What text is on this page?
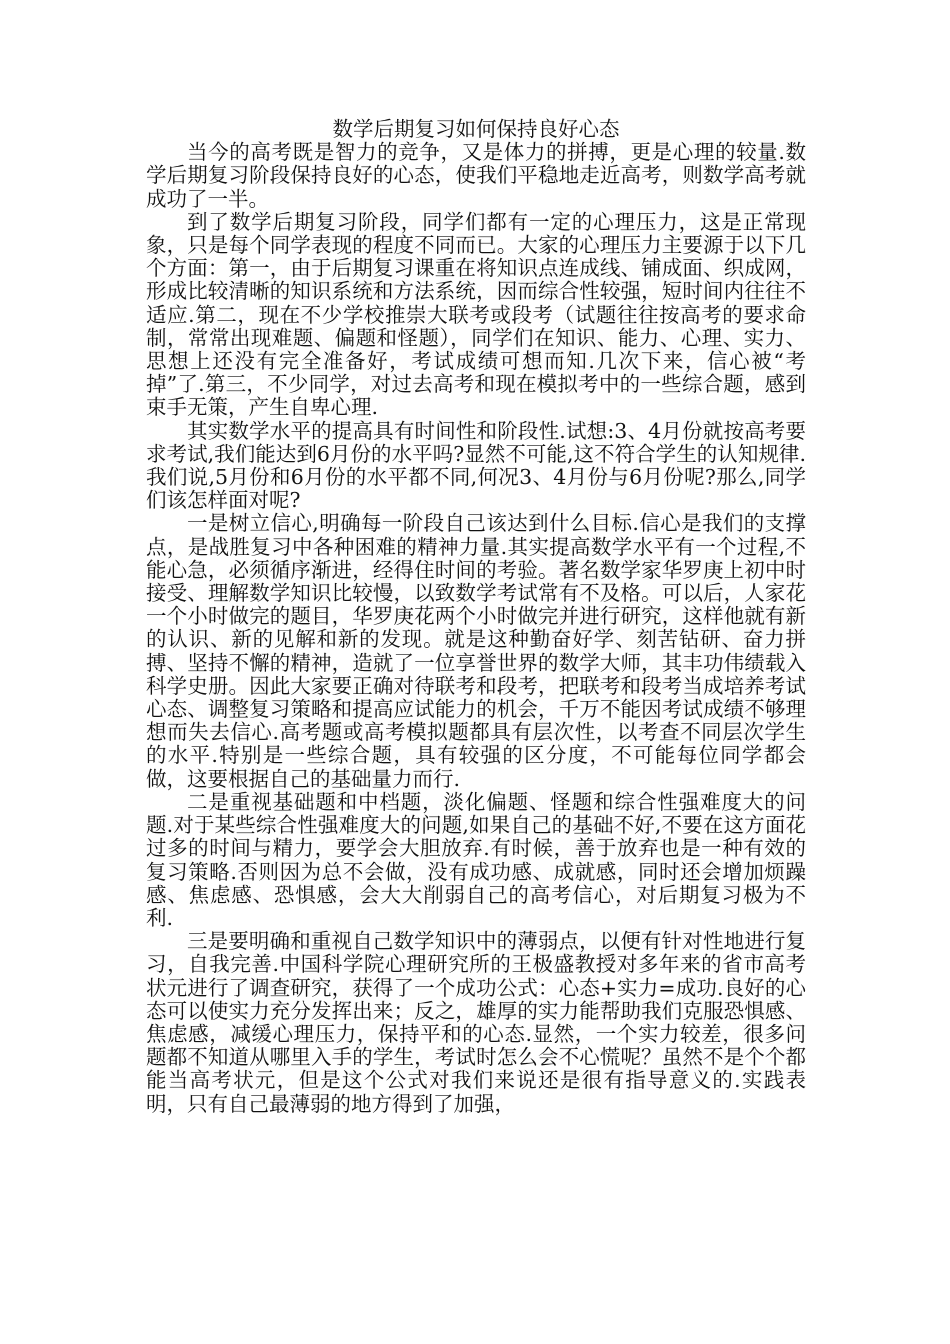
数学后期复习如何保持良好心态

当今的高考既是智力的竞争，又是体力的拼搏，更是心理的较量.数学后期复习阶段保持良好的心态，使我们平稳地走近高考，则数学高考就成功了一半。

到了数学后期复习阶段，同学们都有一定的心理压力，这是正常现象，只是每个同学表现的程度不同而已。大家的心理压力主要源于以下几个方面：第一，由于后期复习课重在将知识点连成线、铺成面、织成网，形成比较清晰的知识系统和方法系统，因而综合性较强，短时间内往往不适应.第二，现在不少学校推崇大联考或段考（试题往往按高考的要求命制，常常出现难题、偏题和怪题），同学们在知识、能力、心理、实力、思想上还没有完全准备好，考试成绩可想而知.几次下来，信心被“考掉”了.第三，不少同学，对过去高考和现在模拟考中的一些综合题，感到束手无策，产生自卑心理.

其实数学水平的提高具有时间性和阶段性.试想:3、4月份就按高考要求考试,我们能达到6月份的水平吗?显然不可能,这不符合学生的认知规律.我们说,5月份和6月份的水平都不同,何况3、4月份与6月份呢?那么,同学们该怎样面对呢?

一是树立信心,明确每一阶段自己该达到什么目标.信心是我们的支撑点，是战胜复习中各种困难的精神力量.其实提高数学水平有一个过程,不能心急，必须循序渐进，经得住时间的考验。著名数学家华罗庚上初中时接受、理解数学知识比较慢，以致数学考试常有不及格。可以后，人家花一个小时做完的题目，华罗庚花两个小时做完并进行研究，这样他就有新的认识、新的见解和新的发现。就是这种勤奋好学、刻苦钻研、奋力拼搏、坚持不懈的精神，造就了一位享誉世界的数学大师，其丰功伟绩载入科学史册。因此大家要正确对待联考和段考，把联考和段考当成培养考试心态、调整复习策略和提高应试能力的机会，千万不能因考试成绩不够理想而失去信心.高考题或高考模拟题都具有层次性，以考查不同层次学生的水平.特别是一些综合题，具有较强的区分度，不可能每位同学都会做，这要根据自己的基础量力而行.

二是重视基础题和中档题，淡化偏题、怪题和综合性强难度大的问题.对于某些综合性强难度大的问题,如果自己的基础不好,不要在这方面花过多的时间与精力，要学会大胆放弃.有时候，善于放弃也是一种有效的复习策略.否则因为总不会做，没有成功感、成就感，同时还会增加烦躁感、焦虑感、恐惧感，会大大削弱自己的高考信心，对后期复习极为不利.

三是要明确和重视自己数学知识中的薄弱点，以便有针对性地进行复习，自我完善.中国科学院心理研究所的王极盛教授对多年来的省市高考状元进行了调查研究，获得了一个成功公式：心态+实力=成功.良好的心态可以使实力充分发挥出来；反之，雄厚的实力能帮助我们克服恐惧感、焦虑感，减缓心理压力，保持平和的心态.显然，一个实力较差，很多问题都不知道从哪里入手的学生，考试时怎么会不心慌呢？虽然不是个个都能当高考状元，但是这个公式对我们来说还是很有指导意义的.实践表明，只有自己最薄弱的地方得到了加强，
